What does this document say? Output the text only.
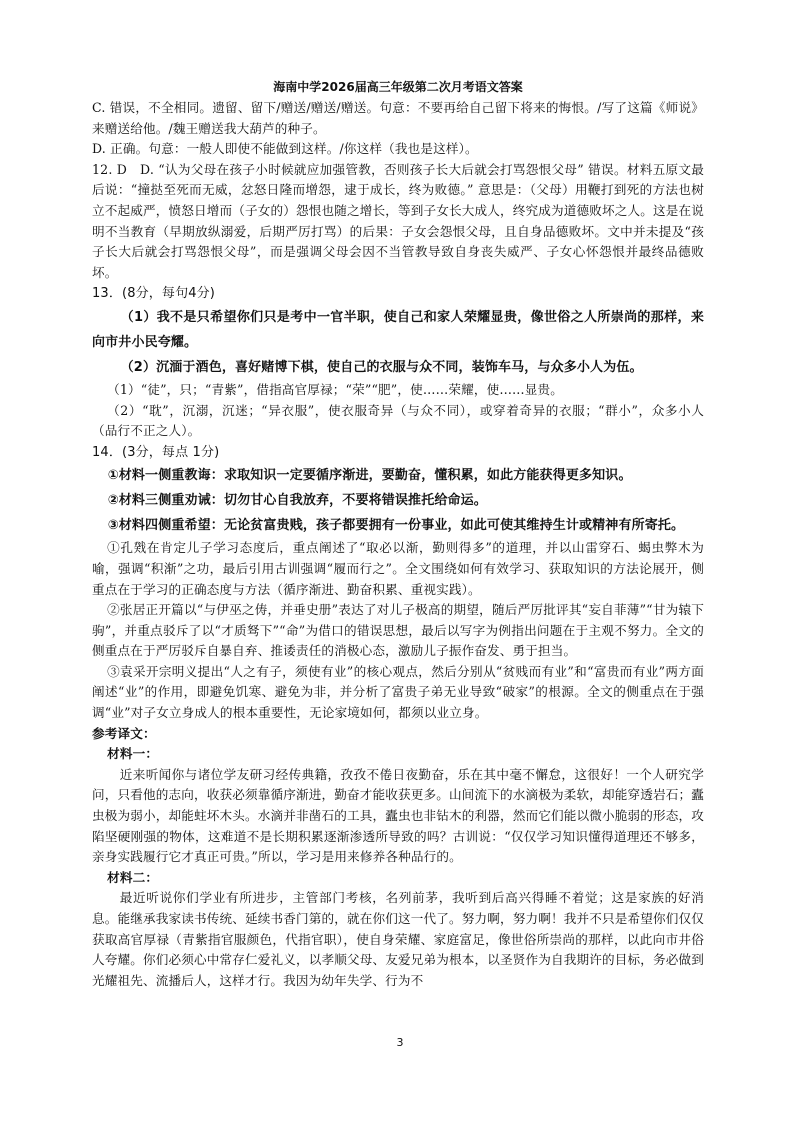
海南中学2026届高三年级第二次月考语文答案

C. 错误，不全相同。遗留、留下/赠送/赠送/赠送。句意：不要再给自己留下将来的悔恨。/写了这篇《师说》来赠送给他。/魏王赠送我大葫芦的种子。

D. 正确。句意：一般人即使不能做到这样。/你这样（我也是这样）。

12. D　D. “认为父母在孩子小时候就应加强管教，否则孩子长大后就会打骂怨恨父母” 错误。材料五原文最后说：“撞挞至死而无威，忿怒日隆而增怨，逮于成长，终为败德。” 意思是：（父母）用鞭打到死的方法也树立不起威严，愤怒日增而（子女的）怨恨也随之增长，等到子女长大成人，终究成为道德败坏之人。这是在说明不当教育（早期放纵溺爱，后期严厉打骂）的后果：子女会怨恨父母，且自身品德败坏。文中并未提及“孩子长大后就会打骂怨恨父母”，而是强调父母会因不当管教导致自身丧失威严、子女心怀怨恨并最终品德败坏。

13．(8分，每句4分)

（1）我不是只希望你们只是考中一官半职，使自己和家人荣耀显贵，像世俗之人所崇尚的那样，来向市井小民夸耀。

（2）沉湎于酒色，喜好赌博下棋，使自己的衣服与众不同，装饰车马，与众多小人为伍。

（1）“徒”，只；“青紫”，借指高官厚禄；“荣”“肥”，使……荣耀，使……显贵。

（2）“耽”，沉溺，沉迷；“异衣服”，使衣服奇异（与众不同），或穿着奇异的衣服；“群小”，众多小人（品行不正之人）。

14．(3分，每点 1分)

①材料一侧重教诲：求取知识一定要循序渐进，要勤奋，懂积累，如此方能获得更多知识。

②材料三侧重劝诫：切勿甘心自我放弃，不要将错误推托给命运。

③材料四侧重希望：无论贫富贵贱，孩子都要拥有一份事业，如此可使其维持生计或精神有所寄托。

①孔戣在肯定儿子学习态度后，重点阐述了“取必以渐，勤则得多”的道理，并以山雷穿石、蝎虫弊木为喻，强调“积渐”之功，最后引用古训强调“履而行之”。全文围绕如何有效学习、获取知识的方法论展开，侧重点在于学习的正确态度与方法（循序渐进、勤奋积累、重视实践）。

②张居正开篇以“与伊巫之俦，并垂史册”表达了对儿子极高的期望，随后严厉批评其“妄自菲薄”“甘为辕下驹”，并重点驳斥了以“才质驽下”“命”为借口的错误思想，最后以写字为例指出问题在于主观不努力。全文的侧重点在于严厉驳斥自暴自弃、推诿责任的消极心态，激励儿子振作奋发、勇于担当。

③袁采开宗明义提出“人之有子，须使有业”的核心观点，然后分别从“贫贱而有业”和“富贵而有业”两方面阐述“业”的作用，即避免饥寒、避免为非，并分析了富贵子弟无业导致“破家”的根源。全文的侧重点在于强调“业”对子女立身成人的根本重要性，无论家境如何，都须以业立身。

参考译文：

材料一：

近来听闻你与诸位学友研习经传典籍，孜孜不倦日夜勤奋，乐在其中毫不懈怠，这很好！一个人研究学问，只看他的志向，收获必须靠循序渐进，勤奋才能收获更多。山间流下的水滴极为柔软，却能穿透岩石；蠹虫极为弱小，却能蛀坏木头。水滴并非凿石的工具，蠹虫也非钻木的利器，然而它们能以微小脆弱的形态，攻陷坚硬刚强的物体，这难道不是长期积累逐渐渗透所导致的吗？古训说：“仅仅学习知识懂得道理还不够多，亲身实践履行它才真正可贵。”所以，学习是用来修养各种品行的。

材料二：

最近听说你们学业有所进步，主管部门考核，名列前茅，我听到后高兴得睡不着觉；这是家族的好消息。能继承我家读书传统、延续书香门第的，就在你们这一代了。努力啊，努力啊！我并不只是希望你们仅仅获取高官厚禄（青紫指官服颜色，代指官职），使自身荣耀、家庭富足，像世俗所崇尚的那样，以此向市井俗人夸耀。你们必须心中常存仁爱礼义，以孝顺父母、友爱兄弟为根本，以圣贤作为自我期许的目标，务必做到光耀祖先、流播后人，这样才行。我因为幼年失学、行为不

3
